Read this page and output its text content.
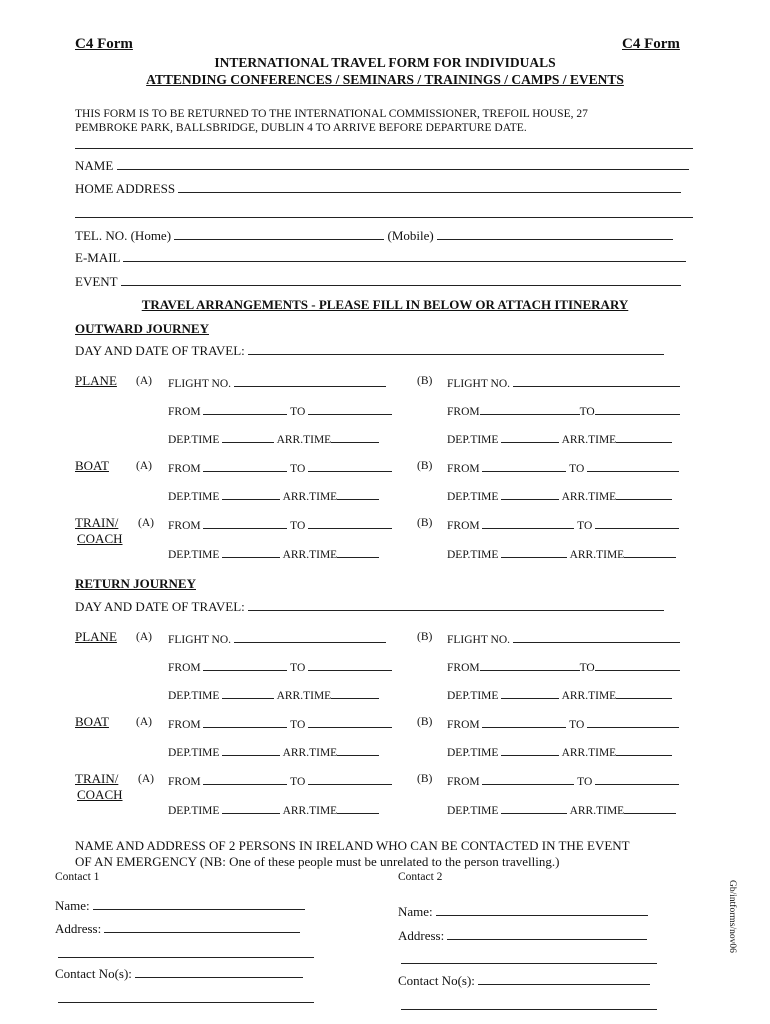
C4 Form	C4 Form
INTERNATIONAL TRAVEL FORM FOR INDIVIDUALS
ATTENDING CONFERENCES / SEMINARS / TRAININGS / CAMPS / EVENTS
THIS FORM IS TO BE RETURNED TO THE INTERNATIONAL COMMISSIONER, TREFOIL HOUSE, 27
PEMBROKE PARK, BALLSBRIDGE, DUBLIN 4 TO ARRIVE BEFORE DEPARTURE DATE.
NAME
HOME ADDRESS
TEL. NO. (Home)	(Mobile)
E-MAIL
EVENT
TRAVEL ARRANGEMENTS - PLEASE FILL IN BELOW OR ATTACH ITINERARY
OUTWARD JOURNEY
DAY AND DATE OF TRAVEL:
PLANE (A) FLIGHT NO.	(B) FLIGHT NO.
FROM	TO	FROM	TO
DEP.TIME	ARR.TIME	DEP.TIME	ARR.TIME
BOAT (A) FROM	TO	(B) FROM	TO
DEP.TIME	ARR.TIME	DEP.TIME	ARR.TIME
TRAIN/
COACH
(A) FROM	TO	(B) FROM	TO
DEP.TIME	ARR.TIME	DEP.TIME	ARR.TIME
RETURN JOURNEY
DAY AND DATE OF TRAVEL:
PLANE (A) FLIGHT NO.	(B) FLIGHT NO.
FROM	TO	FROM	TO
DEP.TIME	ARR.TIME	DEP.TIME	ARR.TIME
BOAT (A) FROM	TO	(B) FROM	TO
DEP.TIME	ARR.TIME	DEP.TIME	ARR.TIME
TRAIN/
COACH
(A) FROM	TO	(B) FROM	TO
DEP.TIME	ARR.TIME	DEP.TIME	ARR.TIME
NAME AND ADDRESS OF 2 PERSONS IN IRELAND WHO CAN BE CONTACTED IN THE EVENT
OF AN EMERGENCY (NB: One of these people must be unrelated to the person travelling.)
Contact 1	Contact 2
Name:
Address:
Contact No(s):
Name:
Address:
Contact No(s):
Gb/intforms/nov06
